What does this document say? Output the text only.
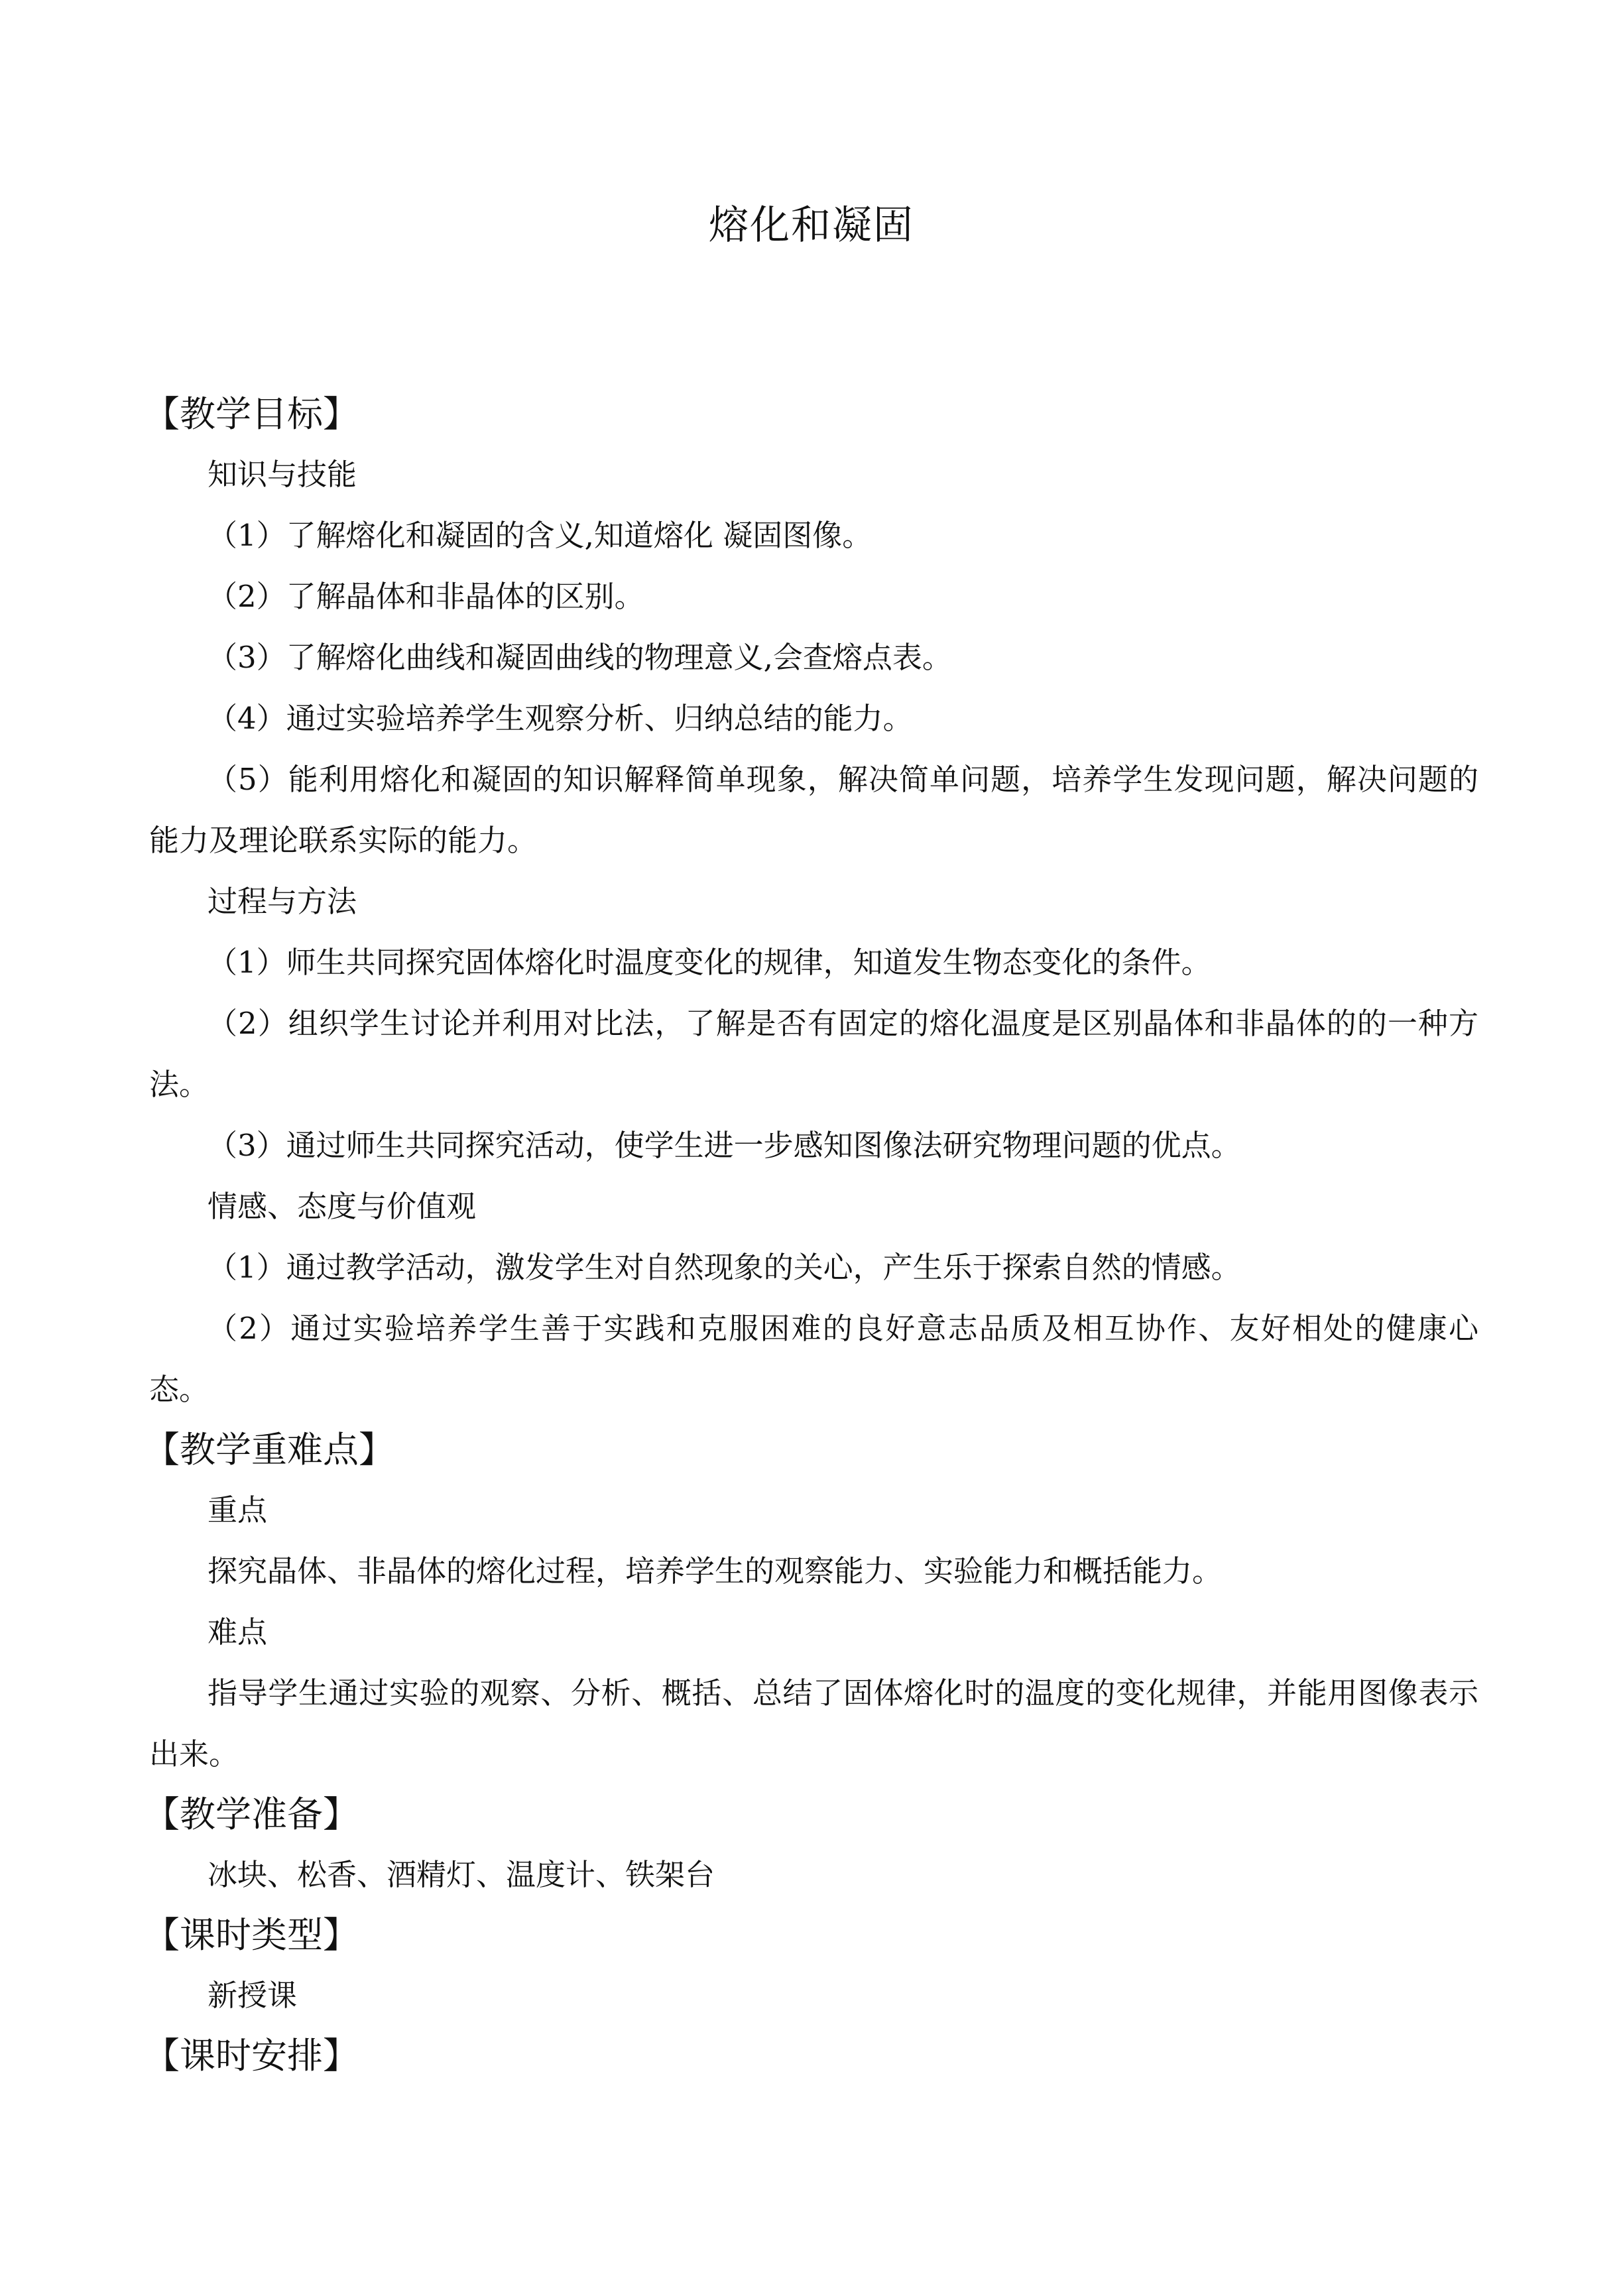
熔化和凝固

【教学目标】

知识与技能

（1）了解熔化和凝固的含义,知道熔化 凝固图像。

（2）了解晶体和非晶体的区别。

（3）了解熔化曲线和凝固曲线的物理意义,会查熔点表。

（4）通过实验培养学生观察分析、归纳总结的能力。

（5）能利用熔化和凝固的知识解释简单现象，解决简单问题，培养学生发现问题，解决问题的能力及理论联系实际的能力。

过程与方法

（1）师生共同探究固体熔化时温度变化的规律，知道发生物态变化的条件。

（2）组织学生讨论并利用对比法，了解是否有固定的熔化温度是区别晶体和非晶体的的一种方法。

（3）通过师生共同探究活动，使学生进一步感知图像法研究物理问题的优点。

情感、态度与价值观

（1）通过教学活动，激发学生对自然现象的关心，产生乐于探索自然的情感。

（2）通过实验培养学生善于实践和克服困难的良好意志品质及相互协作、友好相处的健康心态。

【教学重难点】

重点

探究晶体、非晶体的熔化过程，培养学生的观察能力、实验能力和概括能力。

难点

指导学生通过实验的观察、分析、概括、总结了固体熔化时的温度的变化规律，并能用图像表示出来。

【教学准备】

冰块、松香、酒精灯、温度计、铁架台

【课时类型】

新授课

【课时安排】
